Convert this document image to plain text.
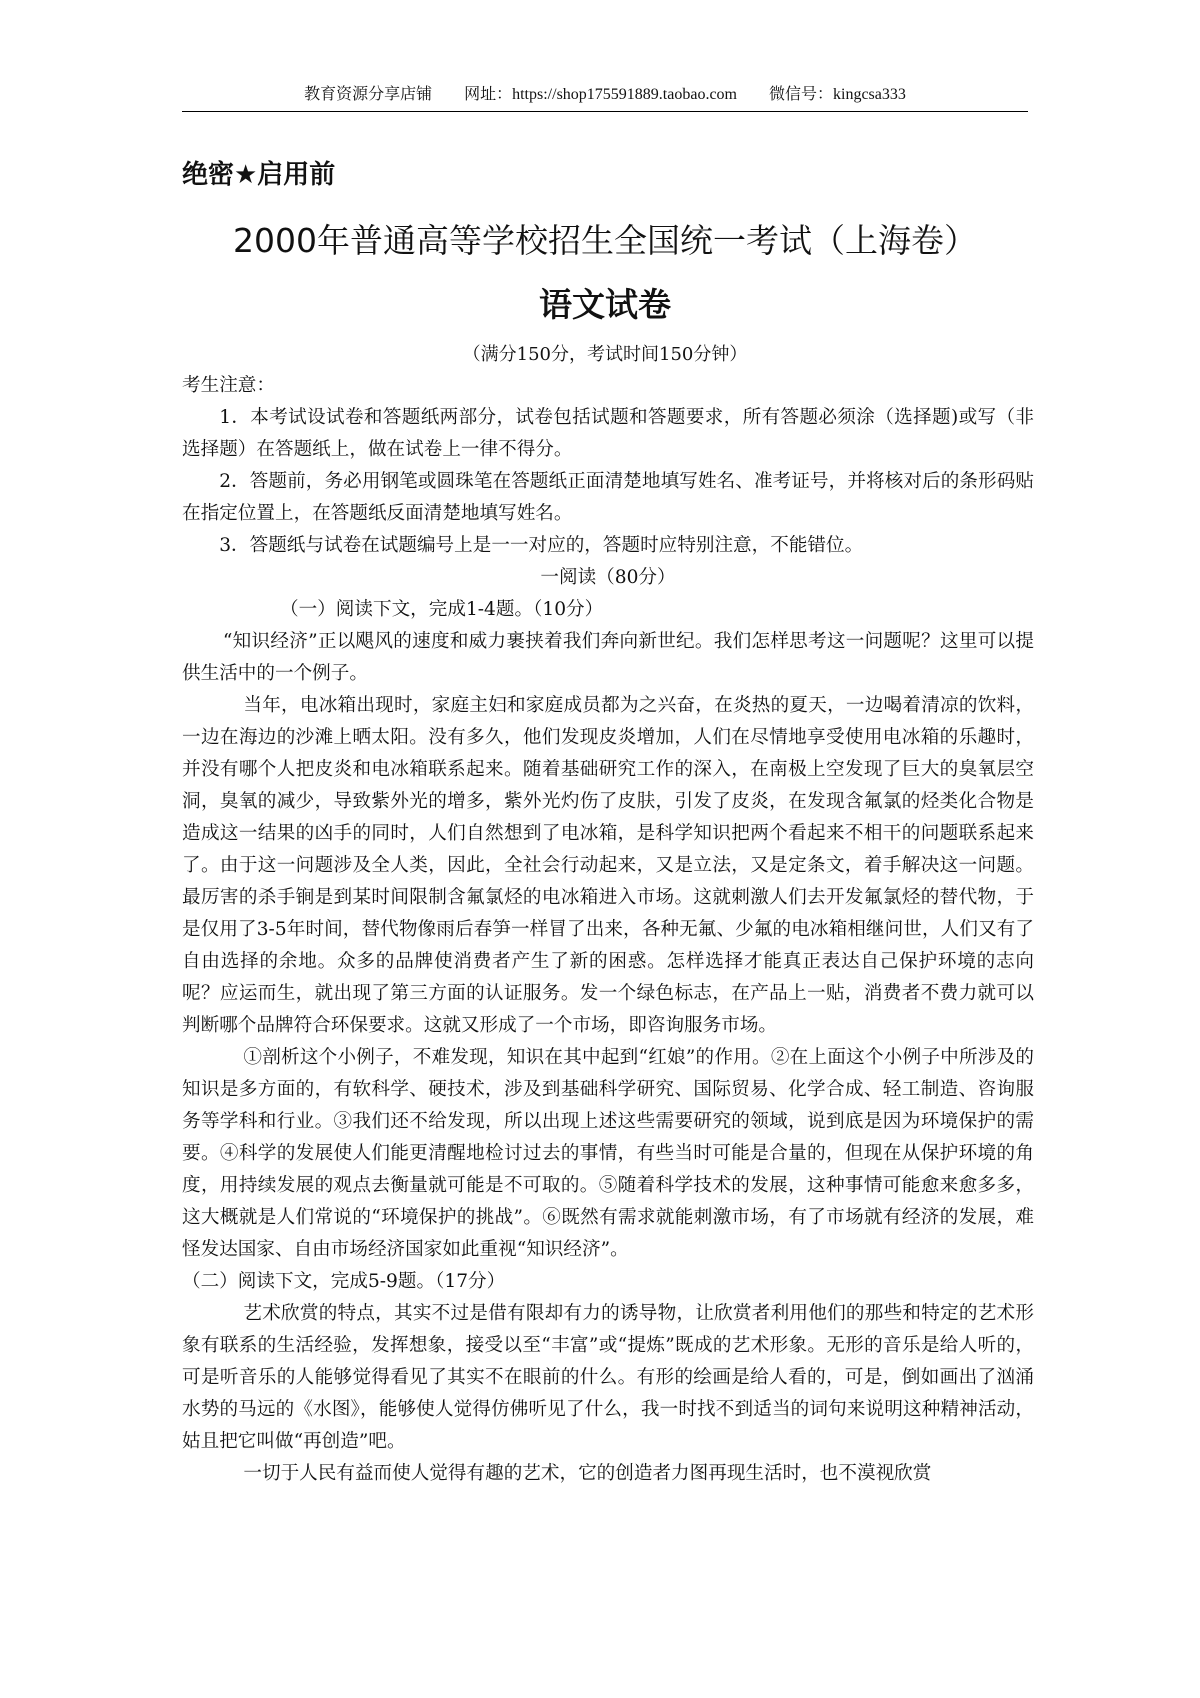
教育资源分享店铺 网址：https://shop175591889.taobao.com 微信号：kingcsa333
绝密★启用前
2000年普通高等学校招生全国统一考试（上海卷）
语文试卷
（满分150分，考试时间150分钟）

考生注意：

1．本考试设试卷和答题纸两部分，试卷包括试题和答题要求，所有答题必须涂（选择题)或写（非选择题）在答题纸上，做在试卷上一律不得分。

2．答题前，务必用钢笔或圆珠笔在答题纸正面清楚地填写姓名、准考证号，并将核对后的条形码贴在指定位置上，在答题纸反面清楚地填写姓名。

3．答题纸与试卷在试题编号上是一一对应的，答题时应特别注意，不能错位。

一阅读（80分）

（一）阅读下文，完成1-4题。（10分）

“知识经济”正以飓风的速度和威力裹挟着我们奔向新世纪。我们怎样思考这一问题呢？这里可以提供生活中的一个例子。

当年，电冰箱出现时，家庭主妇和家庭成员都为之兴奋，在炎热的夏天，一边喝着清凉的饮料，一边在海边的沙滩上晒太阳。没有多久，他们发现皮炎增加，人们在尽情地享受使用电冰箱的乐趣时，并没有哪个人把皮炎和电冰箱联系起来。随着基础研究工作的深入，在南极上空发现了巨大的臭氧层空洞，臭氧的减少，导致紫外光的增多，紫外光灼伤了皮肤，引发了皮炎，在发现含氟氯的烃类化合物是造成这一结果的凶手的同时，人们自然想到了电冰箱，是科学知识把两个看起来不相干的问题联系起来了。由于这一问题涉及全人类，因此，全社会行动起来，又是立法，又是定条文，着手解决这一问题。最厉害的杀手锏是到某时间限制含氟氯烃的电冰箱进入市场。这就刺激人们去开发氟氯烃的替代物，于是仅用了3-5年时间，替代物像雨后春笋一样冒了出来，各种无氟、少氟的电冰箱相继问世，人们又有了自由选择的余地。众多的品牌使消费者产生了新的困惑。怎样选择才能真正表达自己保护环境的志向呢？应运而生，就出现了第三方面的认证服务。发一个绿色标志，在产品上一贴，消费者不费力就可以判断哪个品牌符合环保要求。这就又形成了一个市场，即咨询服务市场。

①剖析这个小例子，不难发现，知识在其中起到“红娘”的作用。②在上面这个小例子中所涉及的知识是多方面的，有软科学、硬技术，涉及到基础科学研究、国际贸易、化学合成、轻工制造、咨询服务等学科和行业。③我们还不给发现，所以出现上述这些需要研究的领域，说到底是因为环境保护的需要。④科学的发展使人们能更清醒地检讨过去的事情，有些当时可能是合量的，但现在从保护环境的角度，用持续发展的观点去衡量就可能是不可取的。⑤随着科学技术的发展，这种事情可能愈来愈多多，这大概就是人们常说的“环境保护的挑战”。⑥既然有需求就能刺激市场，有了市场就有经济的发展，难怪发达国家、自由市场经济国家如此重视“知识经济”。

（二）阅读下文，完成5-9题。（17分）

艺术欣赏的特点，其实不过是借有限却有力的诱导物，让欣赏者利用他们的那些和特定的艺术形象有联系的生活经验，发挥想象，接受以至“丰富”或“提炼”既成的艺术形象。无形的音乐是给人听的，可是听音乐的人能够觉得看见了其实不在眼前的什么。有形的绘画是给人看的，可是，倒如画出了汹涌水势的马远的《水图》，能够使人觉得仿佛听见了什么，我一时找不到适当的词句来说明这种精神活动，姑且把它叫做“再创造”吧。

一切于人民有益而使人觉得有趣的艺术，它的创造者力图再现生活时，也不漠视欣赏
